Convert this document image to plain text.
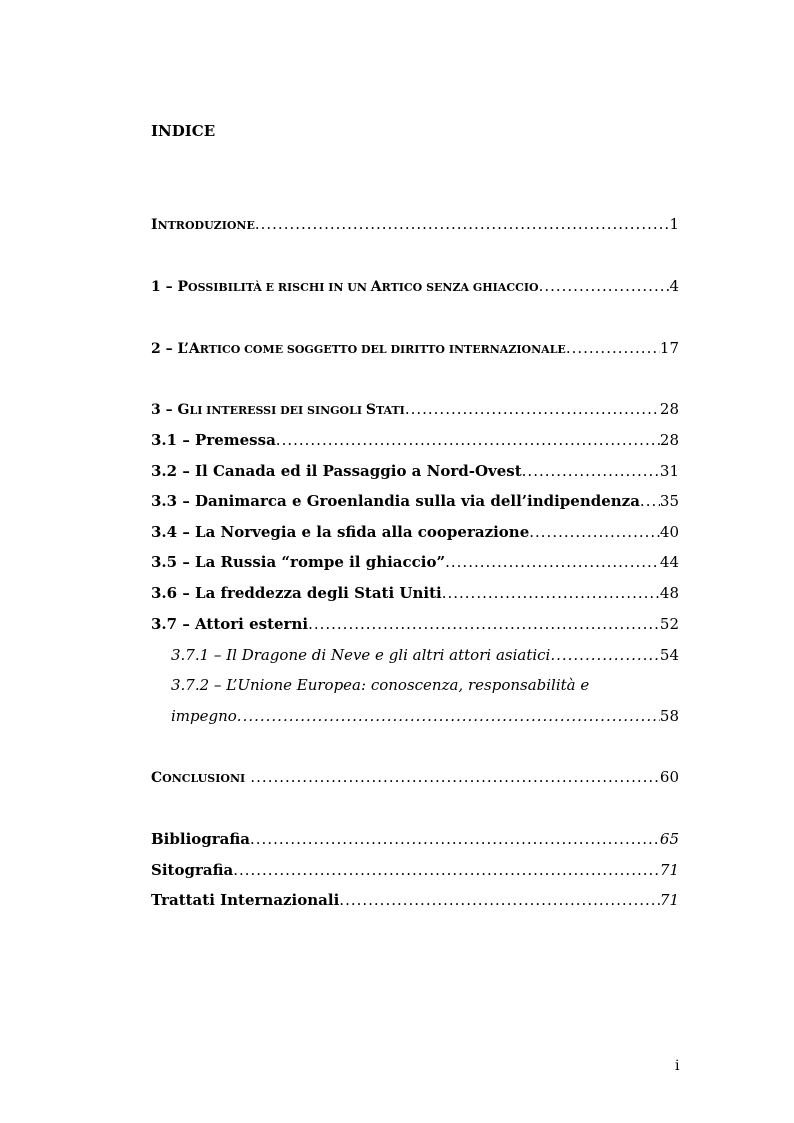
INDICE
INTRODUZIONE .....	1
1 – POSSIBILITÀ E RISCHI IN UN ARTICO SENZA GHIACCIO .....	4
2 – L’ARTICO COME SOGGETTO DEL DIRITTO INTERNAZIONALE .....	17
3 – GLI INTERESSI DEI SINGOLI STATI .....	28
3.1 – Premessa .....	28
3.2 – Il Canada ed il Passaggio a Nord-Ovest .....	31
3.3 – Danimarca e Groenlandia sulla via dell’indipendenza ..... 35
3.4 – La Norvegia e la sfida alla cooperazione .....	40
3.5 – La Russia “rompe il ghiaccio” .....	44
3.6 – La freddezza degli Stati Uniti .....	48
3.7 – Attori esterni .....	52
3.7.1 – Il Dragone di Neve e gli altri attori asiatici .....	54
3.7.2 – L’Unione Europea: conoscenza, responsabilità e
impegno .....	58
CONCLUSIONI .....	60
Bibliografia .....	65
Sitografia .....	71
Trattati Internazionali .....	71
i
